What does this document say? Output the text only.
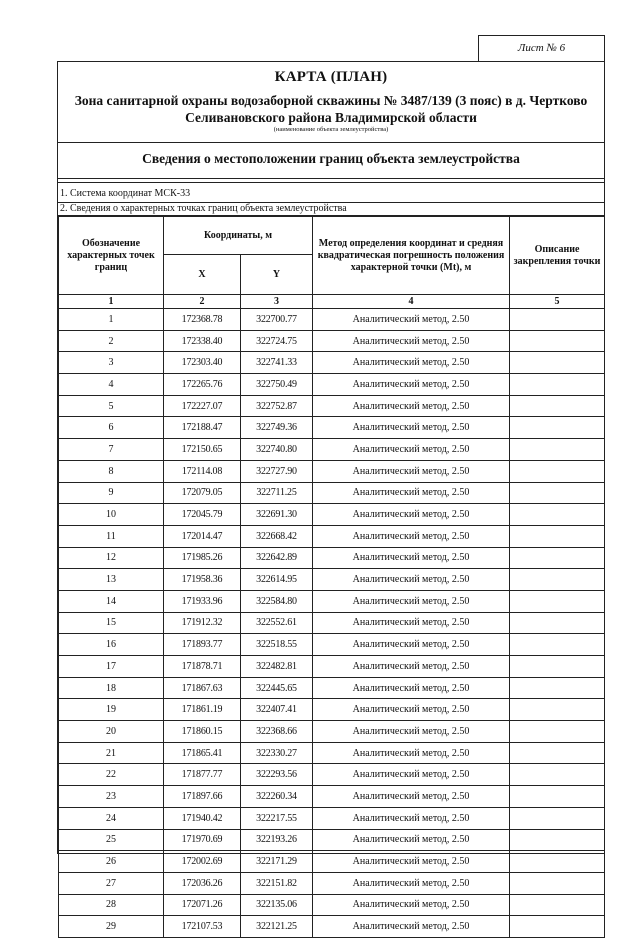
Лист № 6
КАРТА (ПЛАН)
Зона санитарной охраны водозаборной скважины № 3487/139 (3 пояс) в д. Чертково Селивановского района Владимирской области
(наименование объекта землеустройства)
Сведения о местоположении границ объекта землеустройства
1. Система координат МСК-33
2. Сведения о характерных точках границ объекта землеустройства
Обозначение характерных точек границ	Координаты, м		Метод определения координат и средняя квадратическая погрешность положения характерной точки (Mt), м	Описание закрепления точки
	X	Y		
1	2	3	4	5
1	172368.78	322700.77	Аналитический метод, 2.50	
2	172338.40	322724.75	Аналитический метод, 2.50	
3	172303.40	322741.33	Аналитический метод, 2.50	
4	172265.76	322750.49	Аналитический метод, 2.50	
5	172227.07	322752.87	Аналитический метод, 2.50	
6	172188.47	322749.36	Аналитический метод, 2.50	
7	172150.65	322740.80	Аналитический метод, 2.50	
8	172114.08	322727.90	Аналитический метод, 2.50	
9	172079.05	322711.25	Аналитический метод, 2.50	
10	172045.79	322691.30	Аналитический метод, 2.50	
11	172014.47	322668.42	Аналитический метод, 2.50	
12	171985.26	322642.89	Аналитический метод, 2.50	
13	171958.36	322614.95	Аналитический метод, 2.50	
14	171933.96	322584.80	Аналитический метод, 2.50	
15	171912.32	322552.61	Аналитический метод, 2.50	
16	171893.77	322518.55	Аналитический метод, 2.50	
17	171878.71	322482.81	Аналитический метод, 2.50	
18	171867.63	322445.65	Аналитический метод, 2.50	
19	171861.19	322407.41	Аналитический метод, 2.50	
20	171860.15	322368.66	Аналитический метод, 2.50	
21	171865.41	322330.27	Аналитический метод, 2.50	
22	171877.77	322293.56	Аналитический метод, 2.50	
23	171897.66	322260.34	Аналитический метод, 2.50	
24	171940.42	322217.55	Аналитический метод, 2.50	
25	171970.69	322193.26	Аналитический метод, 2.50	
26	172002.69	322171.29	Аналитический метод, 2.50	
27	172036.26	322151.82	Аналитический метод, 2.50	
28	172071.26	322135.06	Аналитический метод, 2.50	
29	172107.53	322121.25	Аналитический метод, 2.50	
